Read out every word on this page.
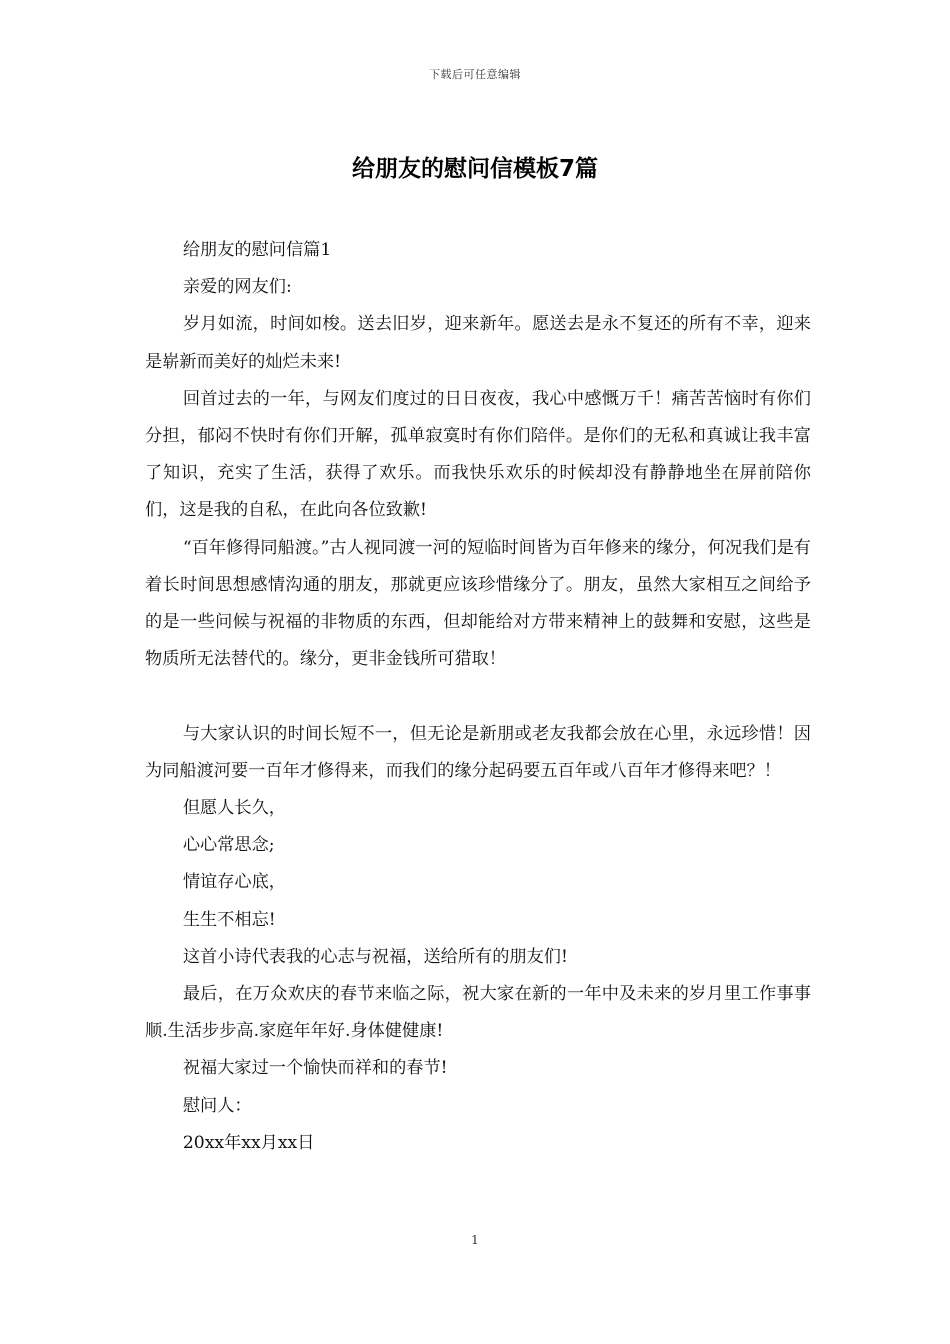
下载后可任意编辑
给朋友的慰问信模板7篇

给朋友的慰问信篇1

亲爱的网友们:

岁月如流，时间如梭。送去旧岁，迎来新年。愿送去是永不复还的所有不幸，迎来是崭新而美好的灿烂未来!

回首过去的一年，与网友们度过的日日夜夜，我心中感慨万千！痛苦苦恼时有你们分担，郁闷不快时有你们开解，孤单寂寞时有你们陪伴。是你们的无私和真诚让我丰富了知识，充实了生活，获得了欢乐。而我快乐欢乐的时候却没有静静地坐在屏前陪你们，这是我的自私，在此向各位致歉!

“百年修得同船渡。”古人视同渡一河的短临时间皆为百年修来的缘分，何况我们是有着长时间思想感情沟通的朋友，那就更应该珍惜缘分了。朋友，虽然大家相互之间给予的是一些问候与祝福的非物质的东西，但却能给对方带来精神上的鼓舞和安慰，这些是物质所无法替代的。缘分，更非金钱所可猎取！

与大家认识的时间长短不一，但无论是新朋或老友我都会放在心里，永远珍惜！因为同船渡河要一百年才修得来，而我们的缘分起码要五百年或八百年才修得来吧？！

但愿人长久，

心心常思念;

情谊存心底，

生生不相忘!

这首小诗代表我的心志与祝福，送给所有的朋友们!

最后，在万众欢庆的春节来临之际，祝大家在新的一年中及未来的岁月里工作事事顺.生活步步高.家庭年年好.身体健健康!

祝福大家过一个愉快而祥和的春节!

慰问人：

20xx年xx月xx日

1
